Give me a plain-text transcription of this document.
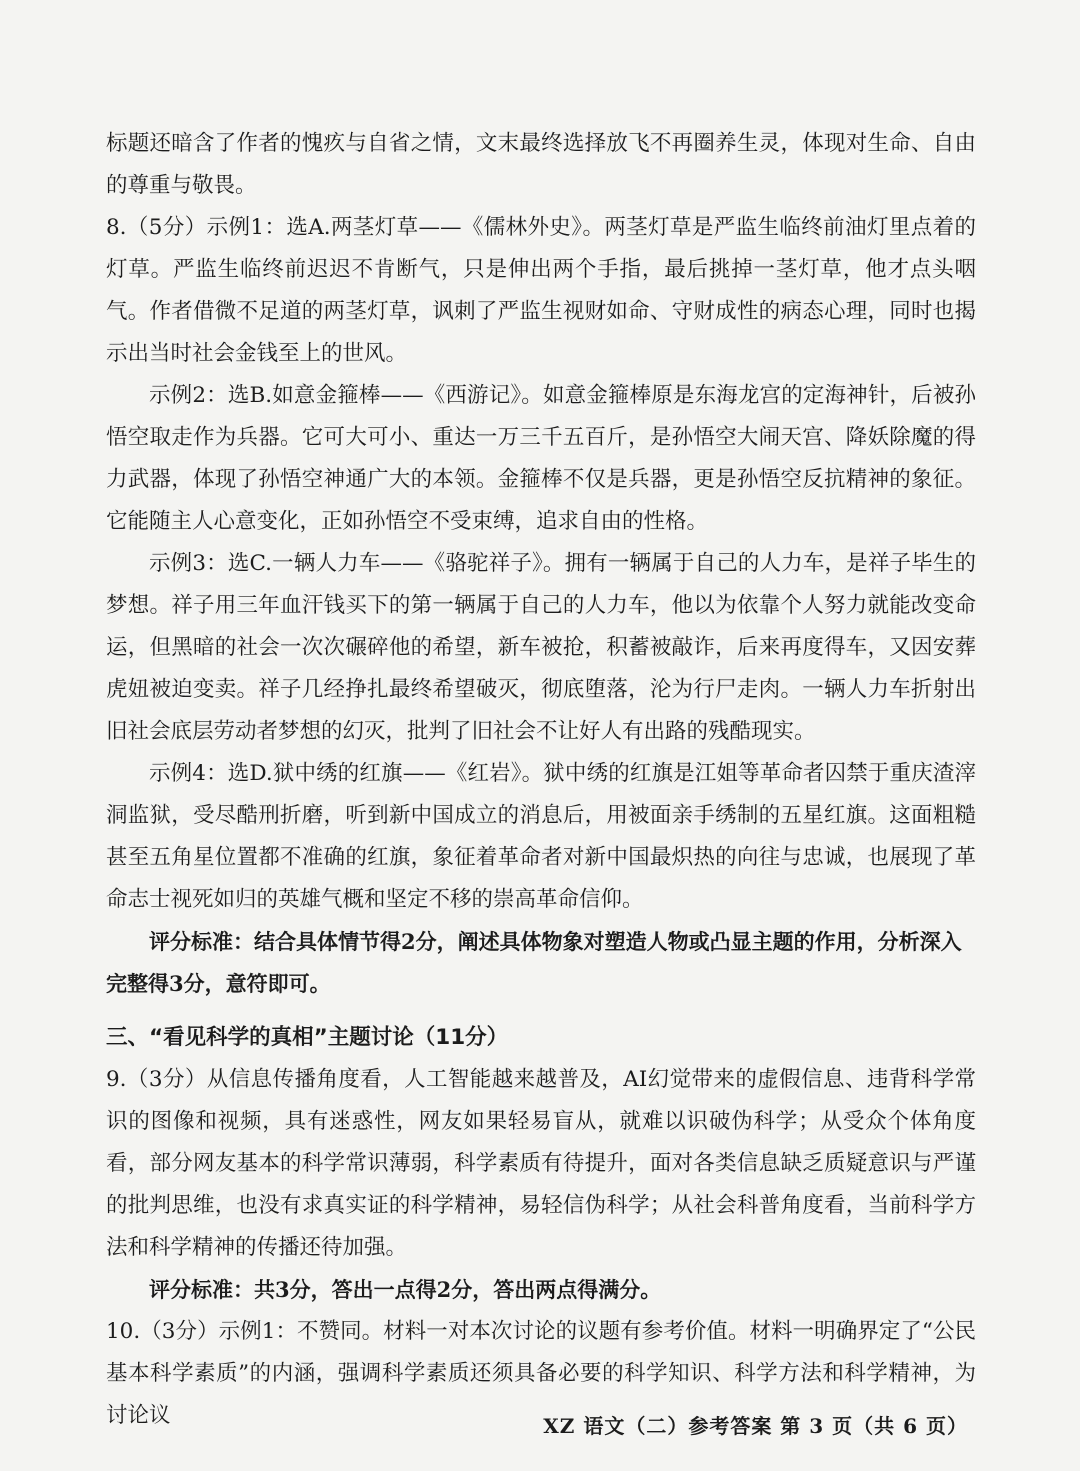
标题还暗含了作者的愧疚与自省之情，文末最终选择放飞不再圈养生灵，体现对生命、自由的尊重与敬畏。

8.（5分）示例1：选A.两茎灯草——《儒林外史》。两茎灯草是严监生临终前油灯里点着的灯草。严监生临终前迟迟不肯断气，只是伸出两个手指，最后挑掉一茎灯草，他才点头咽气。作者借微不足道的两茎灯草，讽刺了严监生视财如命、守财成性的病态心理，同时也揭示出当时社会金钱至上的世风。

示例2：选B.如意金箍棒——《西游记》。如意金箍棒原是东海龙宫的定海神针，后被孙悟空取走作为兵器。它可大可小、重达一万三千五百斤，是孙悟空大闹天宫、降妖除魔的得力武器，体现了孙悟空神通广大的本领。金箍棒不仅是兵器，更是孙悟空反抗精神的象征。它能随主人心意变化，正如孙悟空不受束缚，追求自由的性格。

示例3：选C.一辆人力车——《骆驼祥子》。拥有一辆属于自己的人力车，是祥子毕生的梦想。祥子用三年血汗钱买下的第一辆属于自己的人力车，他以为依靠个人努力就能改变命运，但黑暗的社会一次次碾碎他的希望，新车被抢，积蓄被敲诈，后来再度得车，又因安葬虎妞被迫变卖。祥子几经挣扎最终希望破灭，彻底堕落，沦为行尸走肉。一辆人力车折射出旧社会底层劳动者梦想的幻灭，批判了旧社会不让好人有出路的残酷现实。

示例4：选D.狱中绣的红旗——《红岩》。狱中绣的红旗是江姐等革命者囚禁于重庆渣滓洞监狱，受尽酷刑折磨，听到新中国成立的消息后，用被面亲手绣制的五星红旗。这面粗糙甚至五角星位置都不准确的红旗，象征着革命者对新中国最炽热的向往与忠诚，也展现了革命志士视死如归的英雄气概和坚定不移的崇高革命信仰。

评分标准：结合具体情节得2分，阐述具体物象对塑造人物或凸显主题的作用，分析深入完整得3分，意符即可。

三、“看见科学的真相”主题讨论（11分）

9.（3分）从信息传播角度看，人工智能越来越普及，AI幻觉带来的虚假信息、违背科学常识的图像和视频，具有迷惑性，网友如果轻易盲从，就难以识破伪科学；从受众个体角度看，部分网友基本的科学常识薄弱，科学素质有待提升，面对各类信息缺乏质疑意识与严谨的批判思维，也没有求真实证的科学精神，易轻信伪科学；从社会科普角度看，当前科学方法和科学精神的传播还待加强。

评分标准：共3分，答出一点得2分，答出两点得满分。

10.（3分）示例1：不赞同。材料一对本次讨论的议题有参考价值。材料一明确界定了“公民基本科学素质”的内涵，强调科学素质还须具备必要的科学知识、科学方法和科学精神，为讨论议	XZ 语文（二）参考答案 第 3 页（共 6 页）
